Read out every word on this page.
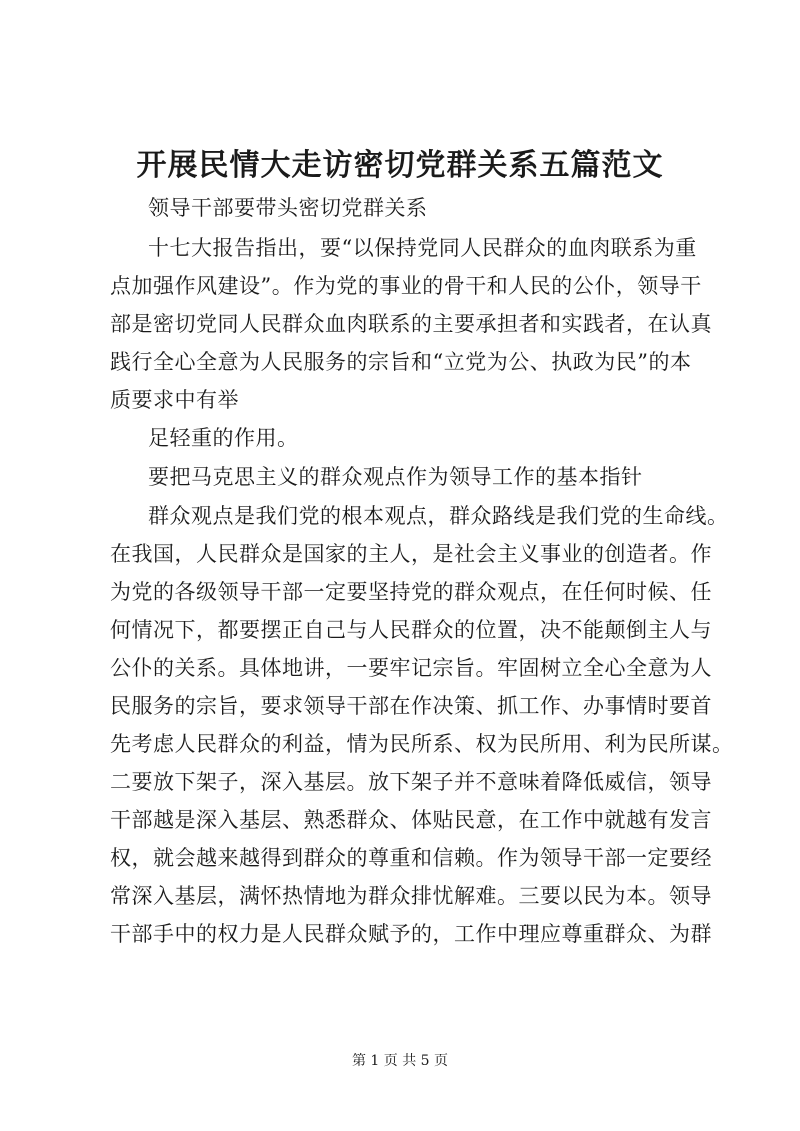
开展民情大走访密切党群关系五篇范文

领导干部要带头密切党群关系

十七大报告指出，要“以保持党同人民群众的血肉联系为重

点加强作风建设”。作为党的事业的骨干和人民的公仆，领导干

部是密切党同人民群众血肉联系的主要承担者和实践者，在认真

践行全心全意为人民服务的宗旨和“立党为公、执政为民”的本

质要求中有举

足轻重的作用。

要把马克思主义的群众观点作为领导工作的基本指针

群众观点是我们党的根本观点，群众路线是我们党的生命线。

在我国，人民群众是国家的主人，是社会主义事业的创造者。作

为党的各级领导干部一定要坚持党的群众观点，在任何时候、任

何情况下，都要摆正自己与人民群众的位置，决不能颠倒主人与

公仆的关系。具体地讲，一要牢记宗旨。牢固树立全心全意为人

民服务的宗旨，要求领导干部在作决策、抓工作、办事情时要首

先考虑人民群众的利益，情为民所系、权为民所用、利为民所谋。

二要放下架子，深入基层。放下架子并不意味着降低威信，领导

干部越是深入基层、熟悉群众、体贴民意，在工作中就越有发言

权，就会越来越得到群众的尊重和信赖。作为领导干部一定要经

常深入基层，满怀热情地为群众排忧解难。三要以民为本。领导

干部手中的权力是人民群众赋予的，工作中理应尊重群众、为群

第 1 页 共 5 页
